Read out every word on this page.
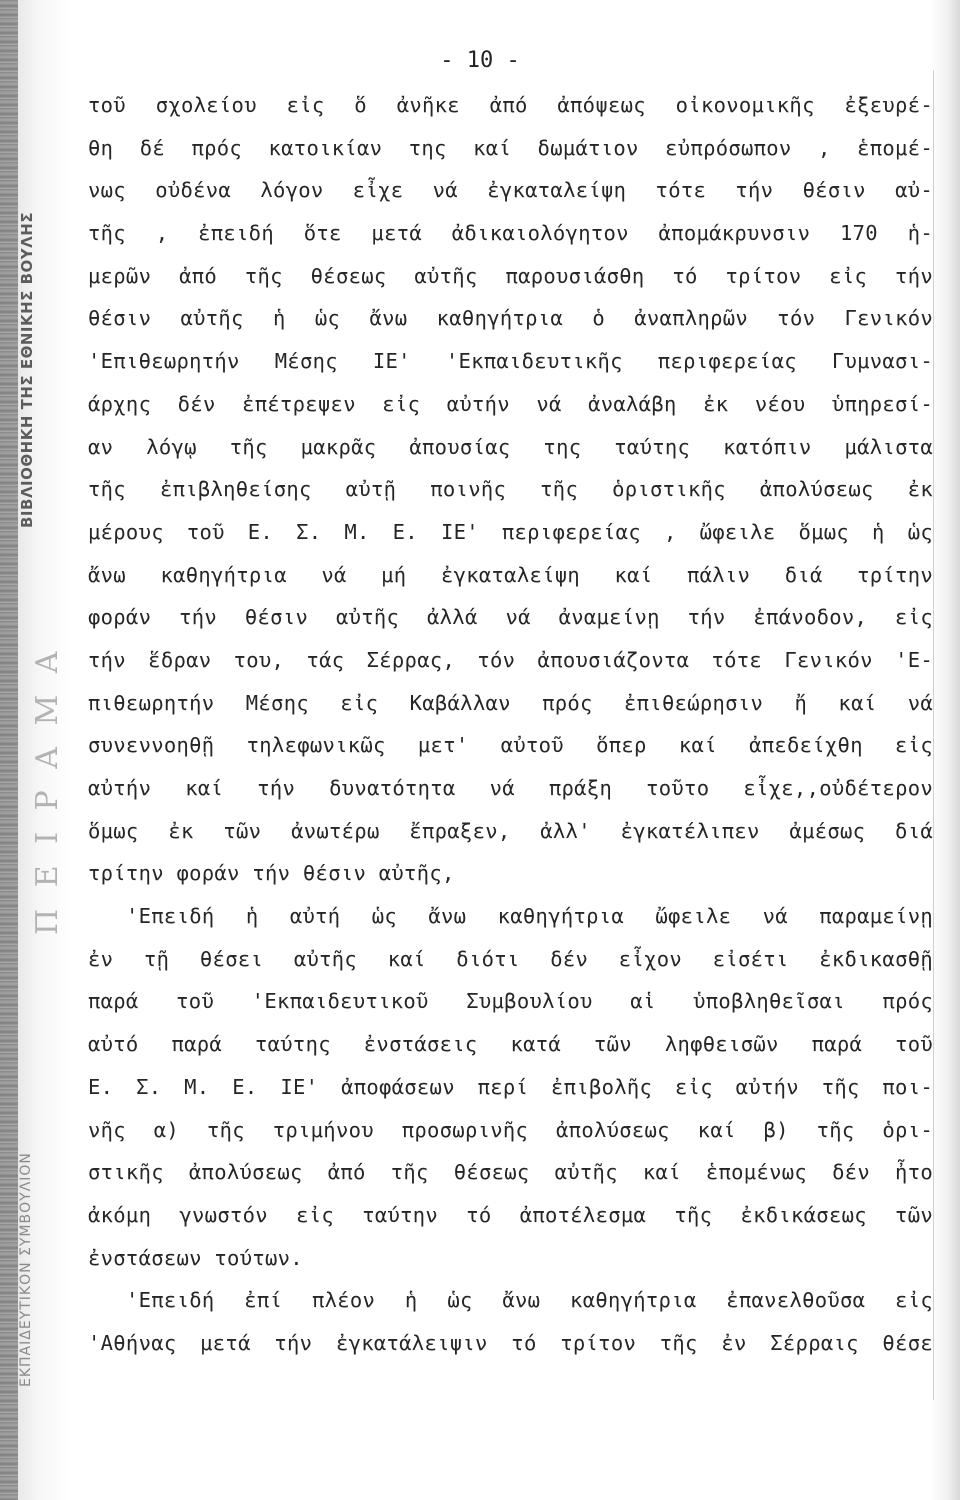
ΒΙΒΛΙΟΘΗΚΗ ΤΗΣ ΕΘΝΙΚΗΣ ΒΟΥΛΗΣ
Π Ε Ι Ρ Α Μ Α
ΕΚΠΑΙΔΕΥΤΙΚΟΝ ΣΥΜΒΟΥΛΙΟΝ
- 10 -
τοῦ σχολείου εἰς ὅ ἀνῆκε ἀπό ἀπόψεως οἰκονομικῆς ἐξευρέ-
θη δέ πρός κατοικίαν της καί δωμάτιον εὐπρόσωπον , ἑπομέ-
νως οὐδένα λόγον εἶχε νά ἐγκαταλείψη τότε τήν θέσιν αὐ-
τῆς , ἐπειδή ὅτε μετά ἀδικαιολόγητον ἀπομάκρυνσιν 170 ἡ-
μερῶν ἀπό τῆς θέσεως αὐτῆς παρουσιάσθη τό τρίτον εἰς τήν
θέσιν αὐτῆς ἡ ὡς ἄνω καθηγήτρια ὁ ἀναπληρῶν τόν Γενικόν
'Επιθεωρητήν Μέσης ΙΕ' 'Εκπαιδευτικῆς περιφερείας Γυμνασι-
άρχης δέν ἐπέτρεψεν εἰς αὐτήν νά ἀναλάβη ἐκ νέου ὑπηρεσί-
αν λόγῳ τῆς μακρᾶς ἀπουσίας της ταύτης κατόπιν μάλιστα
τῆς ἐπιβληθείσης αὐτῇ ποινῆς τῆς ὁριστικῆς ἀπολύσεως ἐκ
μέρους τοῦ Ε. Σ. Μ. Ε. ΙΕ' περιφερείας , ὤφειλε ὅμως ἡ ὡς
ἄνω καθηγήτρια νά μή ἐγκαταλείψη καί πάλιν διά τρίτην
φοράν τήν θέσιν αὐτῆς ἀλλά νά ἀναμείνῃ τήν ἐπάνοδον, εἰς
τήν ἕδραν του, τάς Σέρρας, τόν ἀπουσιάζοντα τότε Γενικόν 'Ε-
πιθεωρητήν Μέσης εἰς Καβάλλαν πρός ἐπιθεώρησιν ἤ καί νά
συνεννοηθῇ τηλεφωνικῶς μετ' αὐτοῦ ὅπερ καί ἀπεδείχθη εἰς
αὐτήν καί τήν δυνατότητα νά πράξη τοῦτο εἶχε,,οὐδέτερον
ὅμως ἐκ τῶν ἀνωτέρω ἔπραξεν, ἀλλ' ἐγκατέλιπεν ἀμέσως διά
τρίτην φοράν τήν θέσιν αὐτῆς,
'Επειδή ἡ αὐτή ὡς ἄνω καθηγήτρια ὤφειλε νά παραμείνῃ
ἐν τῇ θέσει αὐτῆς καί διότι δέν εἶχον εἰσέτι ἐκδικασθῇ
παρά τοῦ 'Εκπαιδευτικοῦ Συμβουλίου αἱ ὑποβληθεῖσαι πρός
αὐτό παρά ταύτης ἐνστάσεις κατά τῶν ληφθεισῶν παρά τοῦ
Ε. Σ. Μ. Ε. ΙΕ' ἀποφάσεων περί ἐπιβολῆς εἰς αὐτήν τῆς ποι-
νῆς α) τῆς τριμήνου προσωρινῆς ἀπολύσεως καί β) τῆς ὁρι-
στικῆς ἀπολύσεως ἀπό τῆς θέσεως αὐτῆς καί ἑπομένως δέν ἦτο
ἀκόμη γνωστόν εἰς ταύτην τό ἀποτέλεσμα τῆς ἐκδικάσεως τῶν
ἐνστάσεων τούτων.
'Επειδή ἐπί πλέον ἡ ὡς ἄνω καθηγήτρια ἐπανελθοῦσα εἰς
'Αθήνας μετά τήν ἐγκατάλειψιν τό τρίτον τῆς ἐν Σέρραις θέσε
